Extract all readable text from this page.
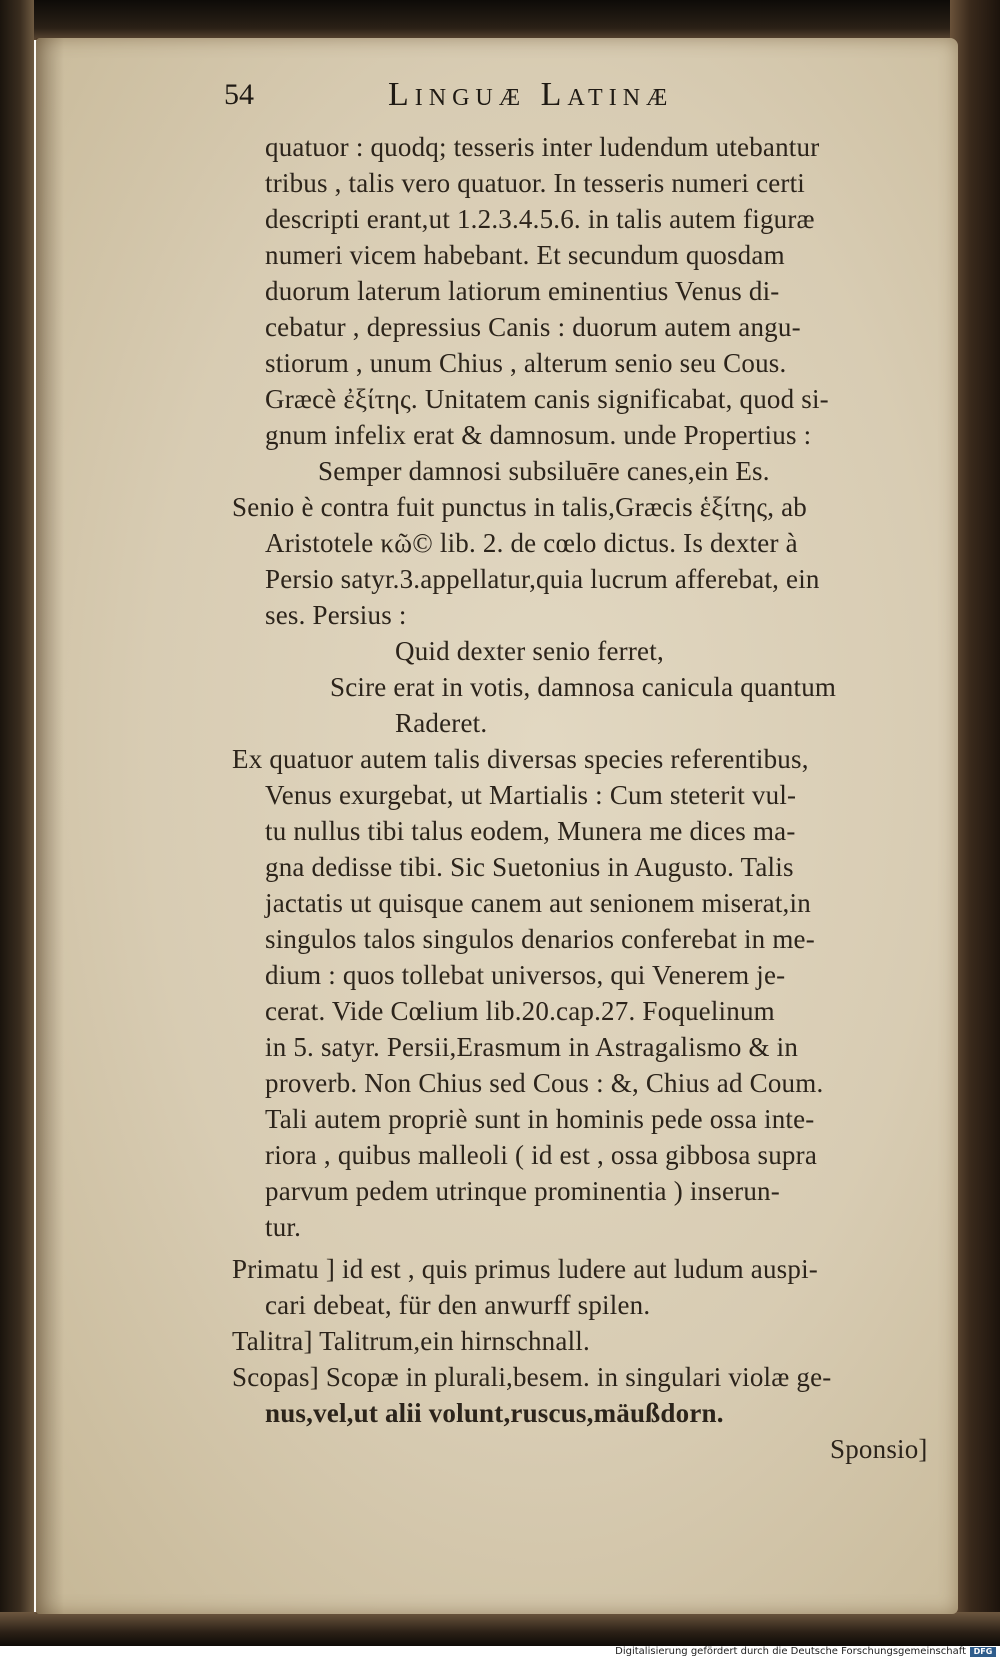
54	Linguæ Latinæ
quatuor : quodq; tesseris inter ludendum utebantur
tribus , talis vero quatuor. In tesseris numeri certi
descripti erant,ut 1.2.3.4.5.6. in talis autem figuræ
numeri vicem habebant. Et secundum quosdam
duorum laterum latiorum eminentius Venus di-
cebatur , depressius Canis : duorum autem angu-
stiorum , unum Chius , alterum senio seu Cous.
Græcè ἐξίτης. Unitatem canis significabat, quod si-
gnum infelix erat & damnosum. unde Propertius :
Semper damnosi subsiluēre canes,ein Es.
Senio è contra fuit punctus in talis,Græcis ἑξίτης, ab
Aristotele κῶ© lib. 2. de cœlo dictus. Is dexter à
Persio satyr.3.appellatur,quia lucrum afferebat, ein
ses. Persius :
Quid dexter senio ferret,
Scire erat in votis, damnosa canicula quantum
Raderet.
Ex quatuor autem talis diversas species referentibus,
Venus exurgebat, ut Martialis : Cum steterit vul-
tu nullus tibi talus eodem, Munera me dices ma-
gna dedisse tibi. Sic Suetonius in Augusto. Talis
jactatis ut quisque canem aut senionem miserat,in
singulos talos singulos denarios conferebat in me-
dium : quos tollebat universos, qui Venerem je-
cerat. Vide Cœlium lib.20.cap.27. Foquelinum
in 5. satyr. Persii,Erasmum in Astragalismo & in
proverb. Non Chius sed Cous : &, Chius ad Coum.
Tali autem propriè sunt in hominis pede ossa inte-
riora , quibus malleoli ( id est , ossa gibbosa supra
parvum pedem utrinque prominentia ) inserun-
tur.
Primatu ] id est , quis primus ludere aut ludum auspi-
cari debeat, für den anwurff spilen.
Talitra] Talitrum,ein hirnschnall.
Scopas] Scopæ in plurali,besem. in singulari violæ ge-
nus,vel,ut alii volunt,ruscus,mäußdorn.
Sponsio]
Digitalisierung gefördert durch die Deutsche Forschungsgemeinschaft DFG
